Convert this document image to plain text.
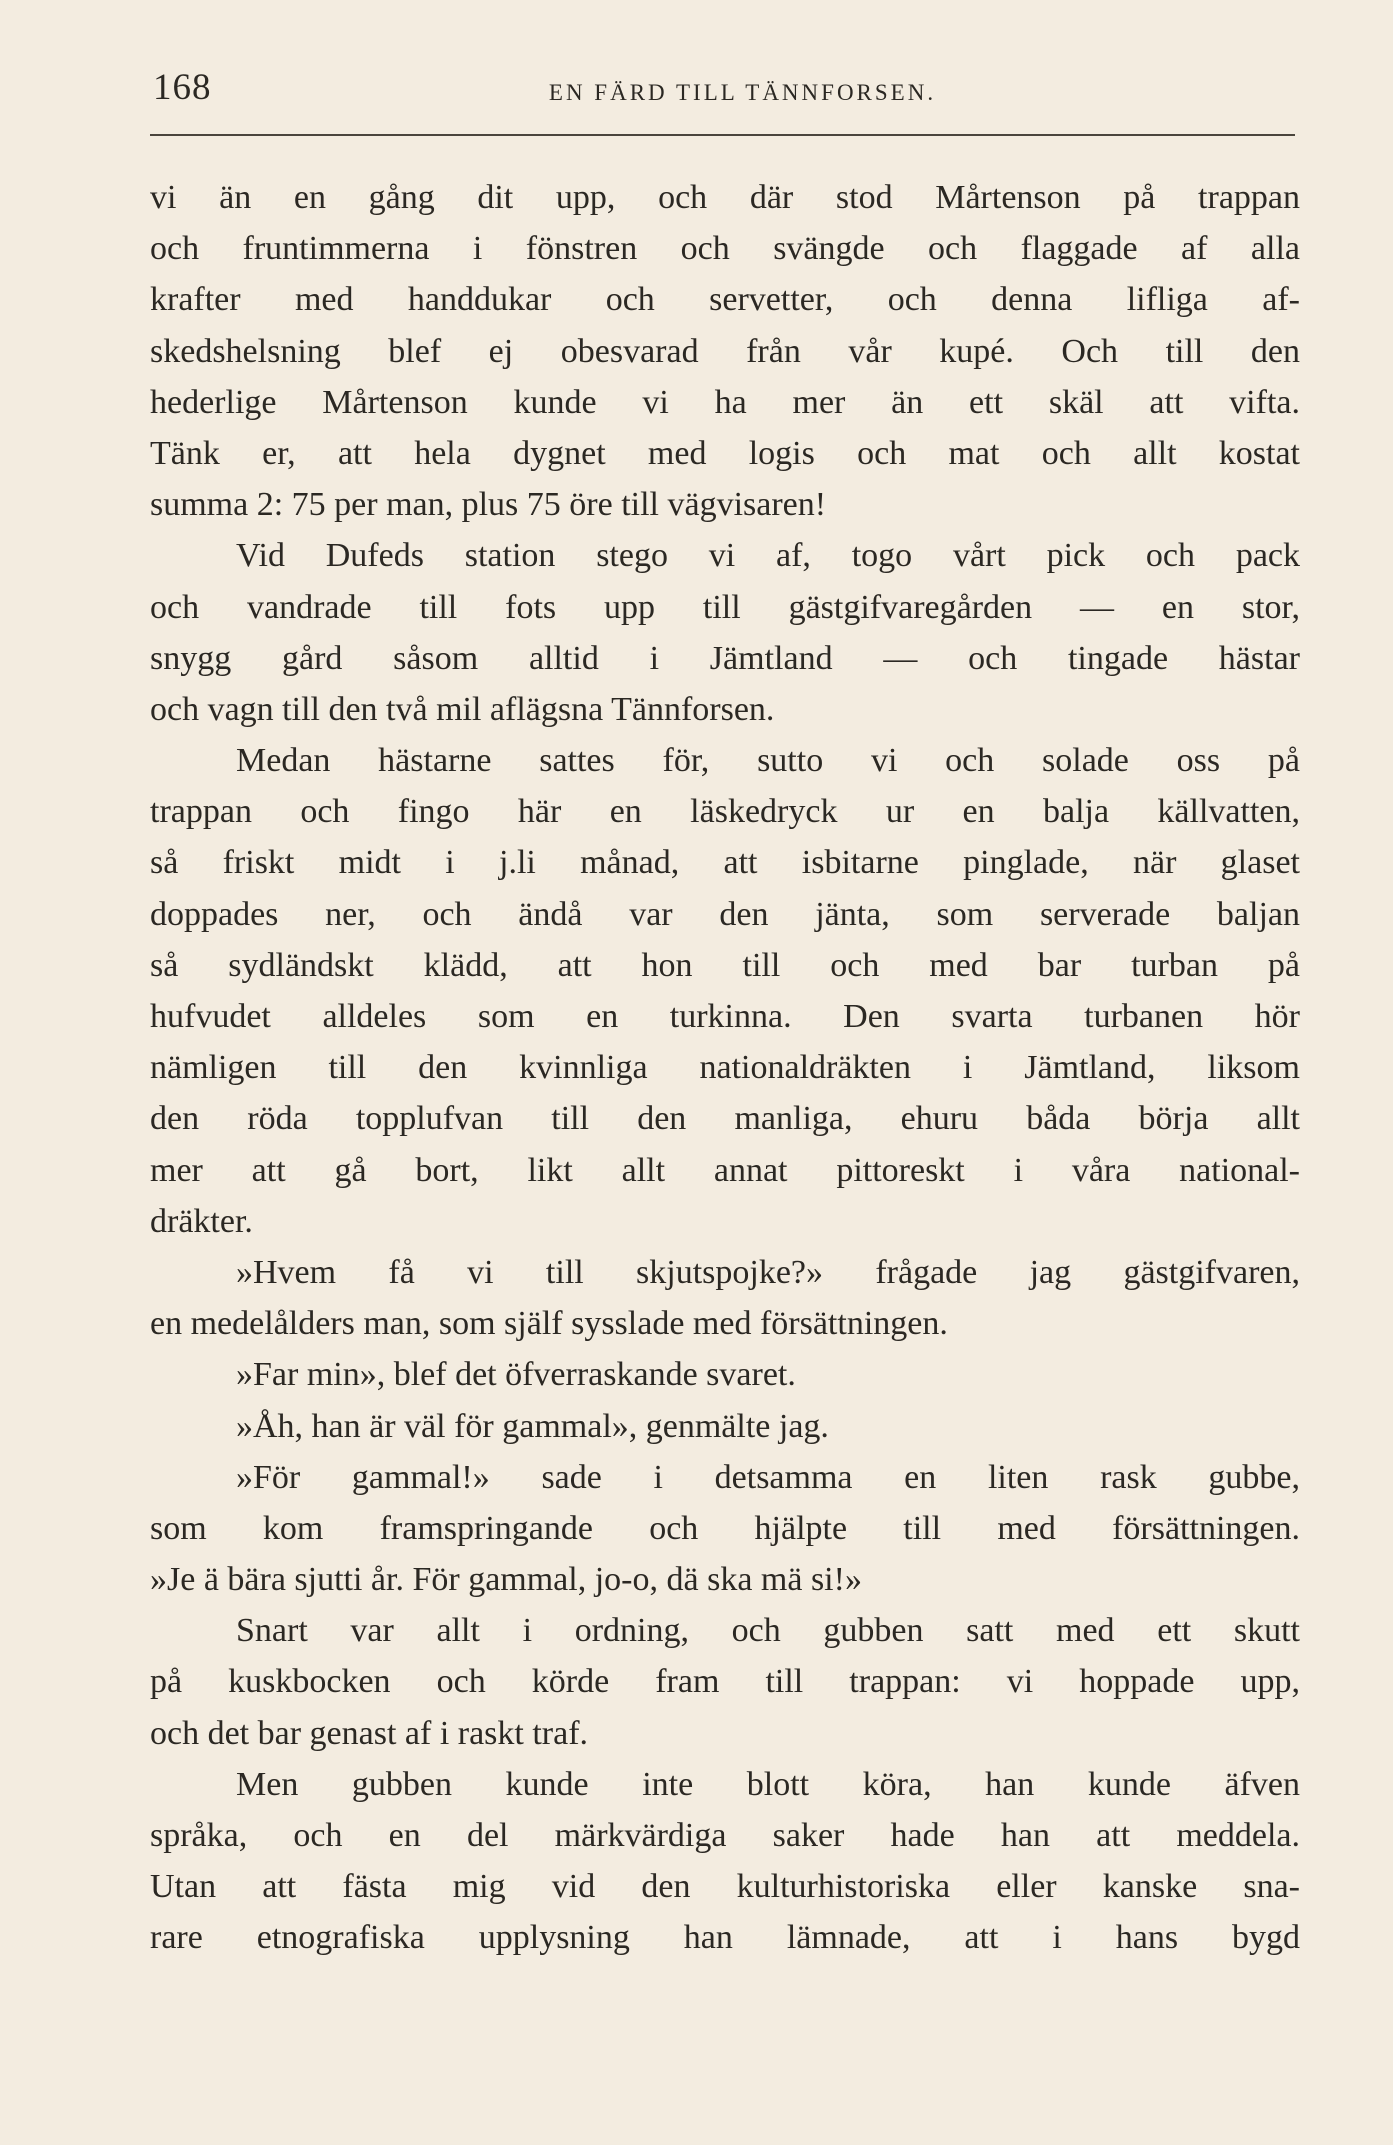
168	EN FÄRD TILL TÄNNFORSEN.
vi än en gång dit upp, och där stod Mårtenson på trappan
och fruntimmerna i fönstren och svängde och flaggade af alla
krafter med handdukar och servetter, och denna lifliga af-
skedshelsning blef ej obesvarad från vår kupé. Och till den
hederlige Mårtenson kunde vi ha mer än ett skäl att vifta.
Tänk er, att hela dygnet med logis och mat och allt kostat
summa 2: 75 per man, plus 75 öre till vägvisaren!
Vid Dufeds station stego vi af, togo vårt pick och pack
och vandrade till fots upp till gästgifvaregården — en stor,
snygg gård såsom alltid i Jämtland — och tingade hästar
och vagn till den två mil aflägsna Tännforsen.
Medan hästarne sattes för, sutto vi och solade oss på
trappan och fingo här en läskedryck ur en balja källvatten,
så friskt midt i j.li månad, att isbitarne pinglade, när glaset
doppades ner, och ändå var den jänta, som serverade baljan
så sydländskt klädd, att hon till och med bar turban på
hufvudet alldeles som en turkinna. Den svarta turbanen hör
nämligen till den kvinnliga nationaldräkten i Jämtland, liksom
den röda topplufvan till den manliga, ehuru båda börja allt
mer att gå bort, likt allt annat pittoreskt i våra national-
dräkter.
»Hvem få vi till skjutspojke?» frågade jag gästgifvaren,
en medelålders man, som själf sysslade med försättningen.
»Far min», blef det öfverraskande svaret.
»Åh, han är väl för gammal», genmälte jag.
»För gammal!» sade i detsamma en liten rask gubbe,
som kom framspringande och hjälpte till med försättningen.
»Je ä bära sjutti år. För gammal, jo-o, dä ska mä si!»
Snart var allt i ordning, och gubben satt med ett skutt
på kuskbocken och körde fram till trappan: vi hoppade upp,
och det bar genast af i raskt traf.
Men gubben kunde inte blott köra, han kunde äfven
språka, och en del märkvärdiga saker hade han att meddela.
Utan att fästa mig vid den kulturhistoriska eller kanske sna-
rare etnografiska upplysning han lämnade, att i hans bygd
